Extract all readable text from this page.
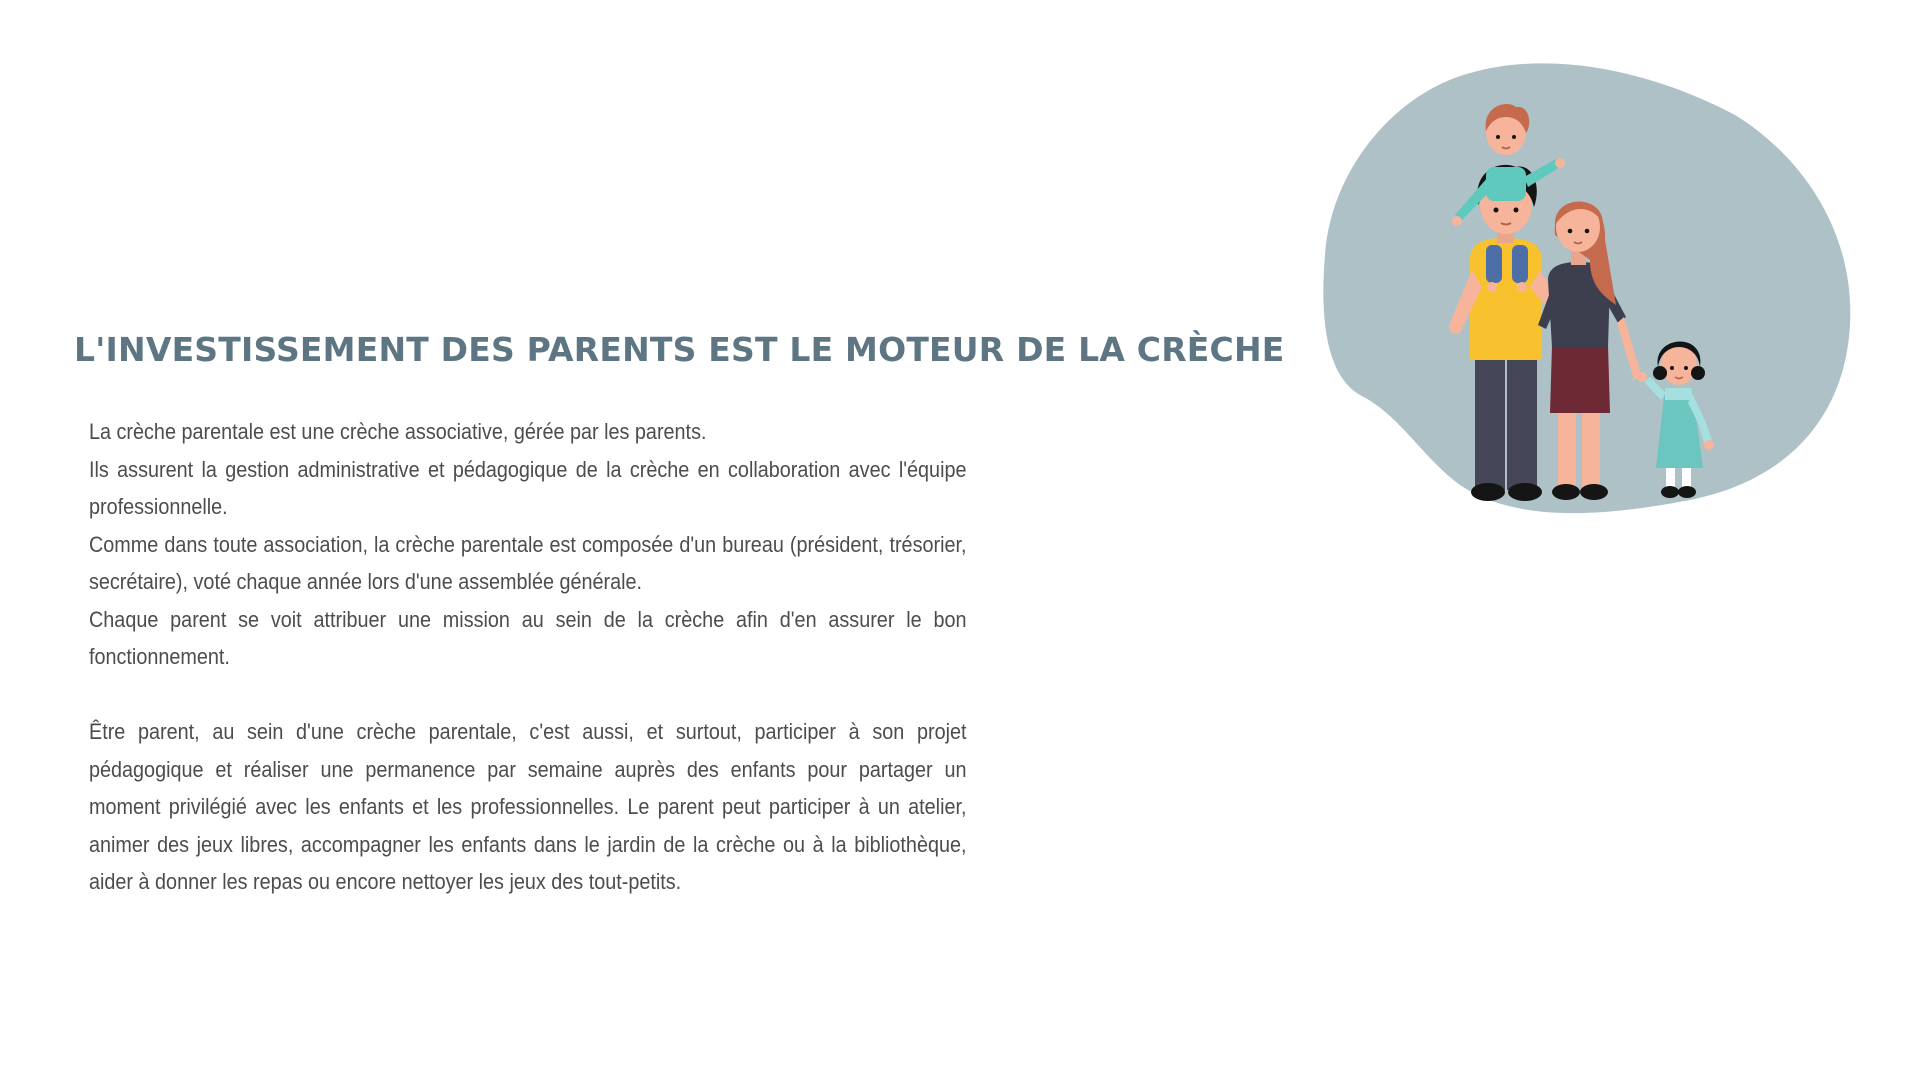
L'INVESTISSEMENT DES PARENTS EST LE MOTEUR DE LA CRÈCHE

La crèche parentale est une crèche associative, gérée par les parents.

Ils assurent la gestion administrative et pédagogique de la crèche en collaboration avec l'équipe professionnelle.

Comme dans toute association, la crèche parentale est composée d'un bureau (président, trésorier, secrétaire), voté chaque année lors d'une assemblée générale.

Chaque parent se voit attribuer une mission au sein de la crèche afin d'en assurer le bon fonctionnement.

Être parent, au sein d'une crèche parentale, c'est aussi, et surtout, participer à son projet pédagogique et réaliser une permanence par semaine auprès des enfants pour partager un moment privilégié avec les enfants et les professionnelles. Le parent peut participer à un atelier, animer des jeux libres, accompagner les enfants dans le jardin de la crèche ou à la bibliothèque, aider à donner les repas ou encore nettoyer les jeux des tout-petits.
